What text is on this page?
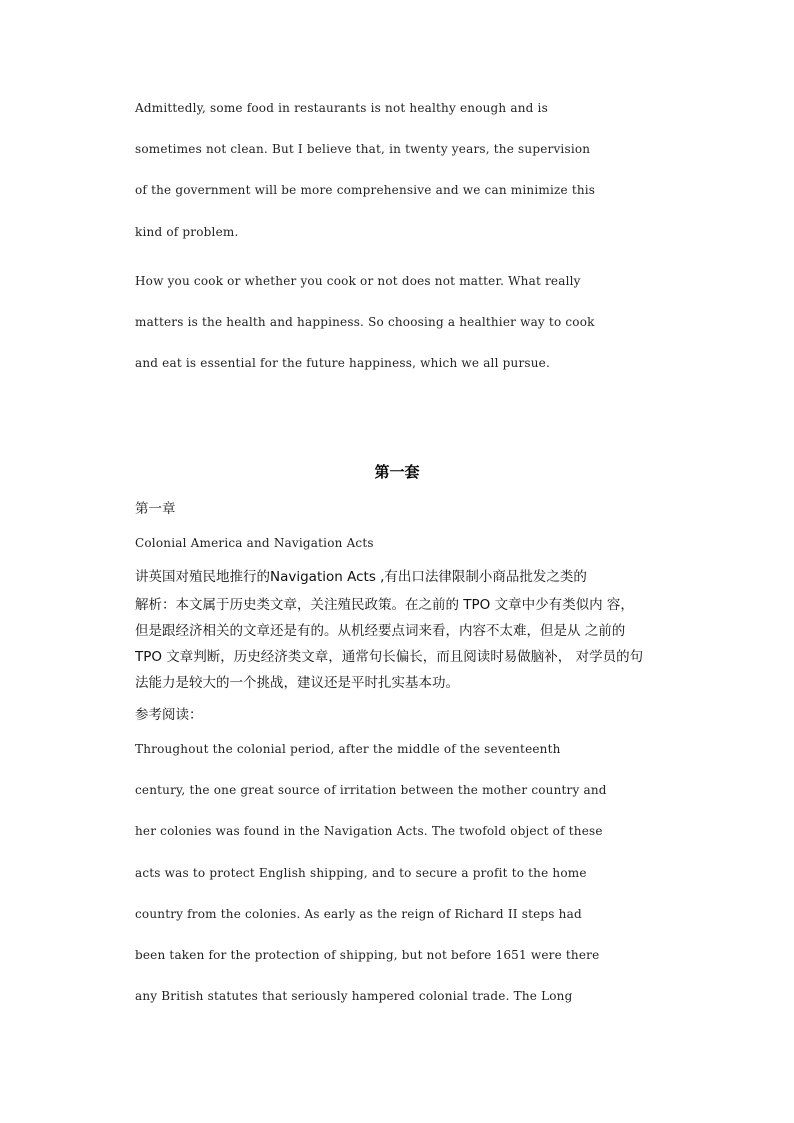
Admittedly, some food in restaurants is not healthy enough and is
sometimes not clean. But I believe that, in twenty years, the supervision
of the government will be more comprehensive and we can minimize this
kind of problem.
How you cook or whether you cook or not does not matter. What really
matters is the health and happiness. So choosing a healthier way to cook
and eat is essential for the future happiness, which we all pursue.
第一套
第一章
Colonial America and Navigation Acts
讲英国对殖民地推行的Navigation Acts ,有出口法律限制小商品批发之类的
解析：本文属于历史类文章，关注殖民政策。在之前的 TPO 文章中少有类似内 容，
但是跟经济相关的文章还是有的。从机经要点词来看，内容不太难，但是从 之前的
TPO 文章判断，历史经济类文章，通常句长偏长，而且阅读时易做脑补， 对学员的句
法能力是较大的一个挑战，建议还是平时扎实基本功。
参考阅读：
Throughout the colonial period, after the middle of the seventeenth
century, the one great source of irritation between the mother country and
her colonies was found in the Navigation Acts. The twofold object of these
acts was to protect English shipping, and to secure a profit to the home
country from the colonies. As early as the reign of Richard II steps had
been taken for the protection of shipping, but not before 1651 were there
any British statutes that seriously hampered colonial trade. The Long
